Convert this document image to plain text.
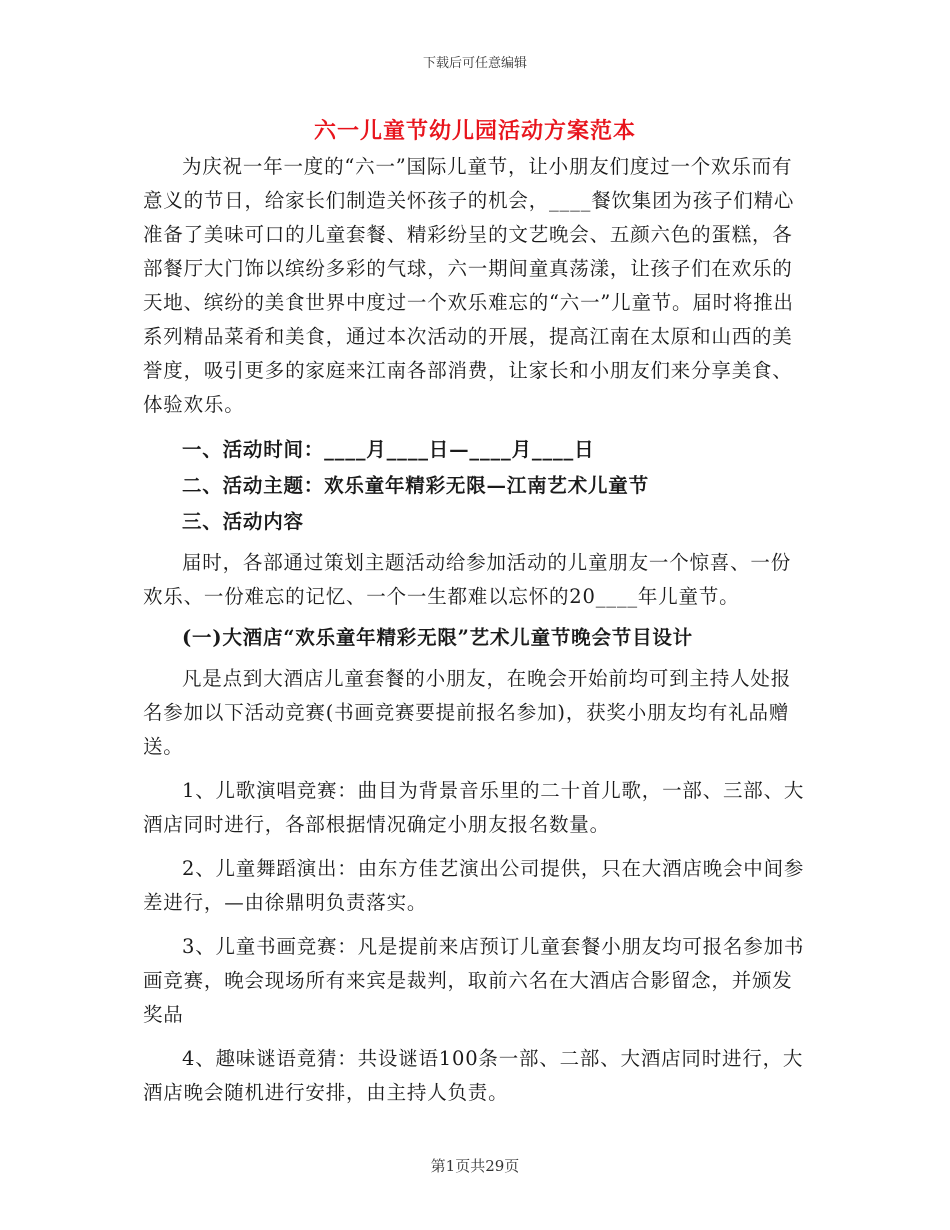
下载后可任意编辑
六一儿童节幼儿园活动方案范本

为庆祝一年一度的“六一”国际儿童节，让小朋友们度过一个欢乐而有意义的节日，给家长们制造关怀孩子的机会，____餐饮集团为孩子们精心准备了美味可口的儿童套餐、精彩纷呈的文艺晚会、五颜六色的蛋糕，各部餐厅大门饰以缤纷多彩的气球，六一期间童真荡漾，让孩子们在欢乐的天地、缤纷的美食世界中度过一个欢乐难忘的“六一”儿童节。届时将推出系列精品菜肴和美食，通过本次活动的开展，提高江南在太原和山西的美誉度，吸引更多的家庭来江南各部消费，让家长和小朋友们来分享美食、体验欢乐。

一、活动时间：____月____日—____月____日

二、活动主题：欢乐童年精彩无限—江南艺术儿童节

三、活动内容

届时，各部通过策划主题活动给参加活动的儿童朋友一个惊喜、一份欢乐、一份难忘的记忆、一个一生都难以忘怀的20____年儿童节。

(一)大酒店“欢乐童年精彩无限”艺术儿童节晚会节目设计

凡是点到大酒店儿童套餐的小朋友，在晚会开始前均可到主持人处报名参加以下活动竞赛(书画竞赛要提前报名参加)，获奖小朋友均有礼品赠送。

1、儿歌演唱竞赛：曲目为背景音乐里的二十首儿歌，一部、三部、大酒店同时进行，各部根据情况确定小朋友报名数量。

2、儿童舞蹈演出：由东方佳艺演出公司提供，只在大酒店晚会中间参差进行，—由徐鼎明负责落实。

3、儿童书画竞赛：凡是提前来店预订儿童套餐小朋友均可报名参加书画竞赛，晚会现场所有来宾是裁判，取前六名在大酒店合影留念，并颁发奖品

4、趣味谜语竟猜：共设谜语100条一部、二部、大酒店同时进行，大酒店晚会随机进行安排，由主持人负责。

第1页共29页
